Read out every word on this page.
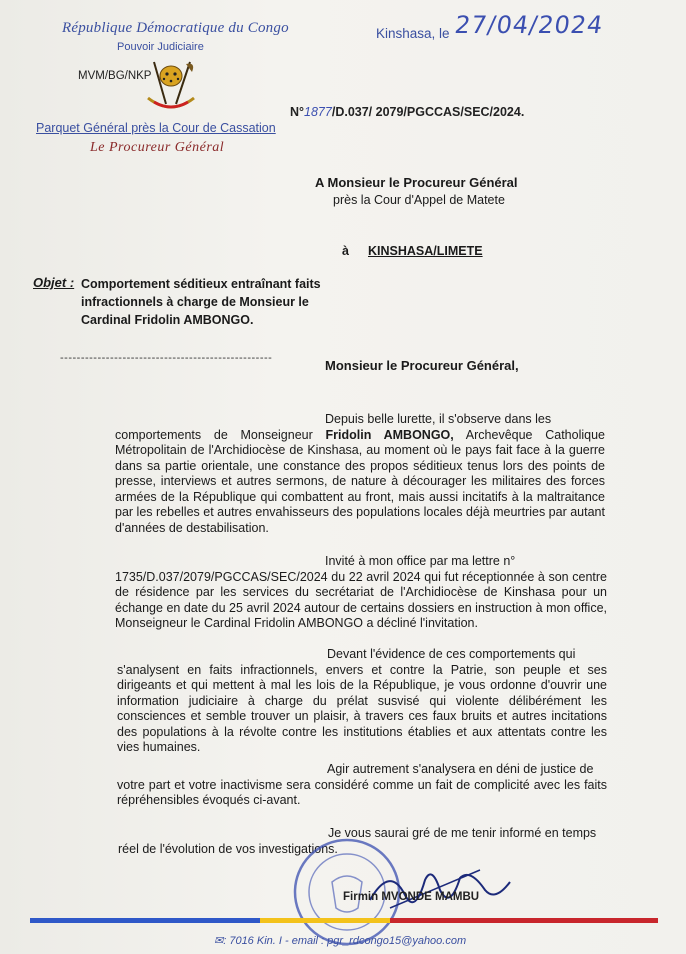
République Démocratique du Congo
Pouvoir Judiciaire
MVM/BG/NKP
Parquet Général près la Cour de Cassation
Le Procureur Général
Kinshasa, le 27/04/2024
N°1877/D.037/ 2079/PGCCAS/SEC/2024.
A Monsieur le Procureur Général
près la Cour d'Appel de Matete
à KINSHASA/LIMETE
Objet : Comportement séditieux entraînant faits infractionnels à charge de Monsieur le Cardinal Fridolin AMBONGO.
---------------------------------------------------	Monsieur le Procureur Général,
Depuis belle lurette, il s'observe dans les
comportements de Monseigneur Fridolin AMBONGO, Archevêque Catholique Métropolitain de l'Archidiocèse de Kinshasa, au moment où le pays fait face à la guerre dans sa partie orientale, une constance des propos séditieux tenus lors des points de presse, interviews et autres sermons, de nature à décourager les militaires des forces armées de la République qui combattent au front, mais aussi incitatifs à la maltraitance par les rebelles et autres envahisseurs des populations locales déjà meurtries par autant d'années de destabilisation.
Invité à mon office par ma lettre n°
1735/D.037/2079/PGCCAS/SEC/2024 du 22 avril 2024 qui fut réceptionnée à son centre de résidence par les services du secrétariat de l'Archidiocèse de Kinshasa pour un échange en date du 25 avril 2024 autour de certains dossiers en instruction à mon office, Monseigneur le Cardinal Fridolin AMBONGO a décliné l'invitation.
Devant l'évidence de ces comportements qui
s'analysent en faits infractionnels, envers et contre la Patrie, son peuple et ses dirigeants et qui mettent à mal les lois de la République, je vous ordonne d'ouvrir une information judiciaire à charge du prélat susvisé qui violente délibérément les consciences et semble trouver un plaisir, à travers ces faux bruits et autres incitations des populations à la révolte contre les institutions établies et aux attentats contre les vies humaines.
Agir autrement s'analysera en déni de justice de
votre part et votre inactivisme sera considéré comme un fait de complicité avec les faits répréhensibles évoqués ci-avant.
Je vous saurai gré de me tenir informé en temps
réel de l'évolution de vos investigations.
Firmin MVONDE MAMBU
✉: 7016 Kin. I - email : pgr_rdcongo15@yahoo.com
